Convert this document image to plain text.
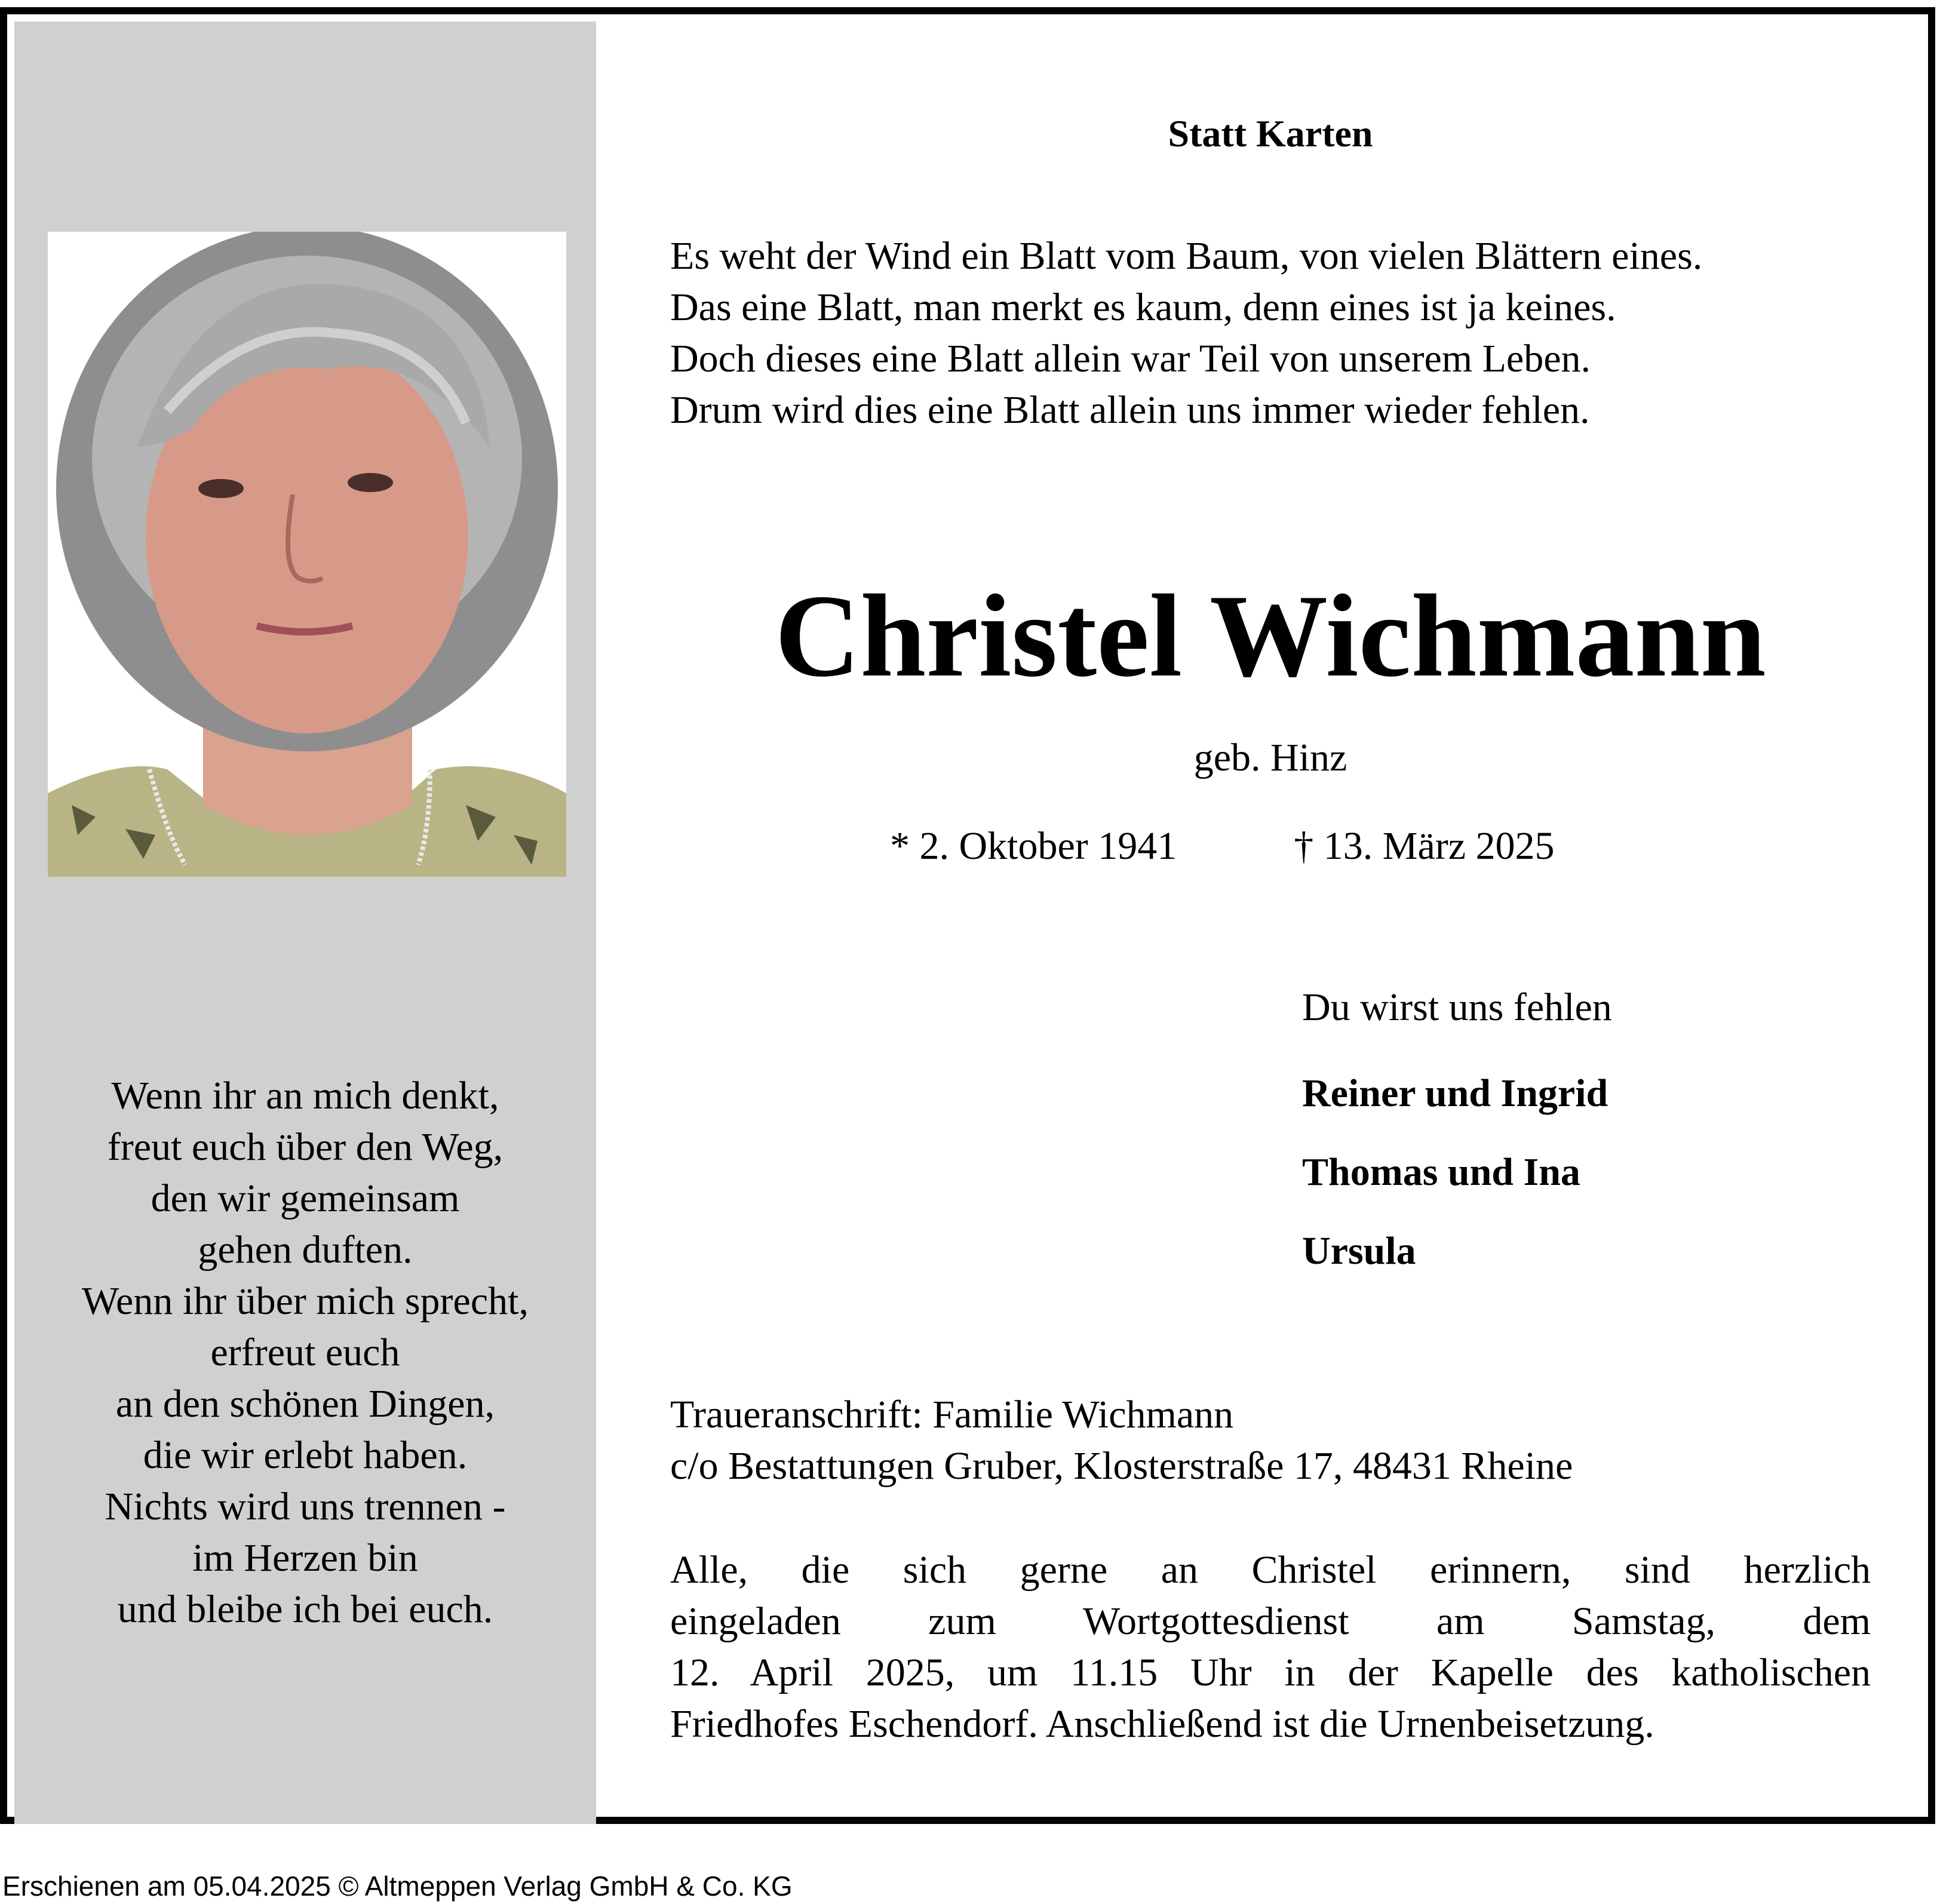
Wenn ihr an mich denkt,
freut euch über den Weg,
den wir gemeinsam
gehen duften.
Wenn ihr über mich sprecht,
erfreut euch
an den schönen Dingen,
die wir erlebt haben.
Nichts wird uns trennen -
im Herzen bin
und bleibe ich bei euch.
Statt Karten
Es weht der Wind ein Blatt vom Baum, von vielen Blättern eines.
Das eine Blatt, man merkt es kaum, denn eines ist ja keines.
Doch dieses eine Blatt allein war Teil von unserem Leben.
Drum wird dies eine Blatt allein uns immer wieder fehlen.
Christel Wichmann
geb. Hinz
* 2. Oktober 1941	† 13. März 2025
Du wirst uns fehlen
Reiner und Ingrid
Thomas und Ina
Ursula
Traueranschrift: Familie Wichmann
c/o Bestattungen Gruber, Klosterstraße 17, 48431 Rheine
Alle, die sich gerne an Christel erinnern, sind herzlich
eingeladen zum Wortgottesdienst am Samstag, dem
12. April 2025, um 11.15 Uhr in der Kapelle des katholischen
Friedhofes Eschendorf. Anschließend ist die Urnenbeisetzung.
Erschienen am 05.04.2025 © Altmeppen Verlag GmbH & Co. KG
